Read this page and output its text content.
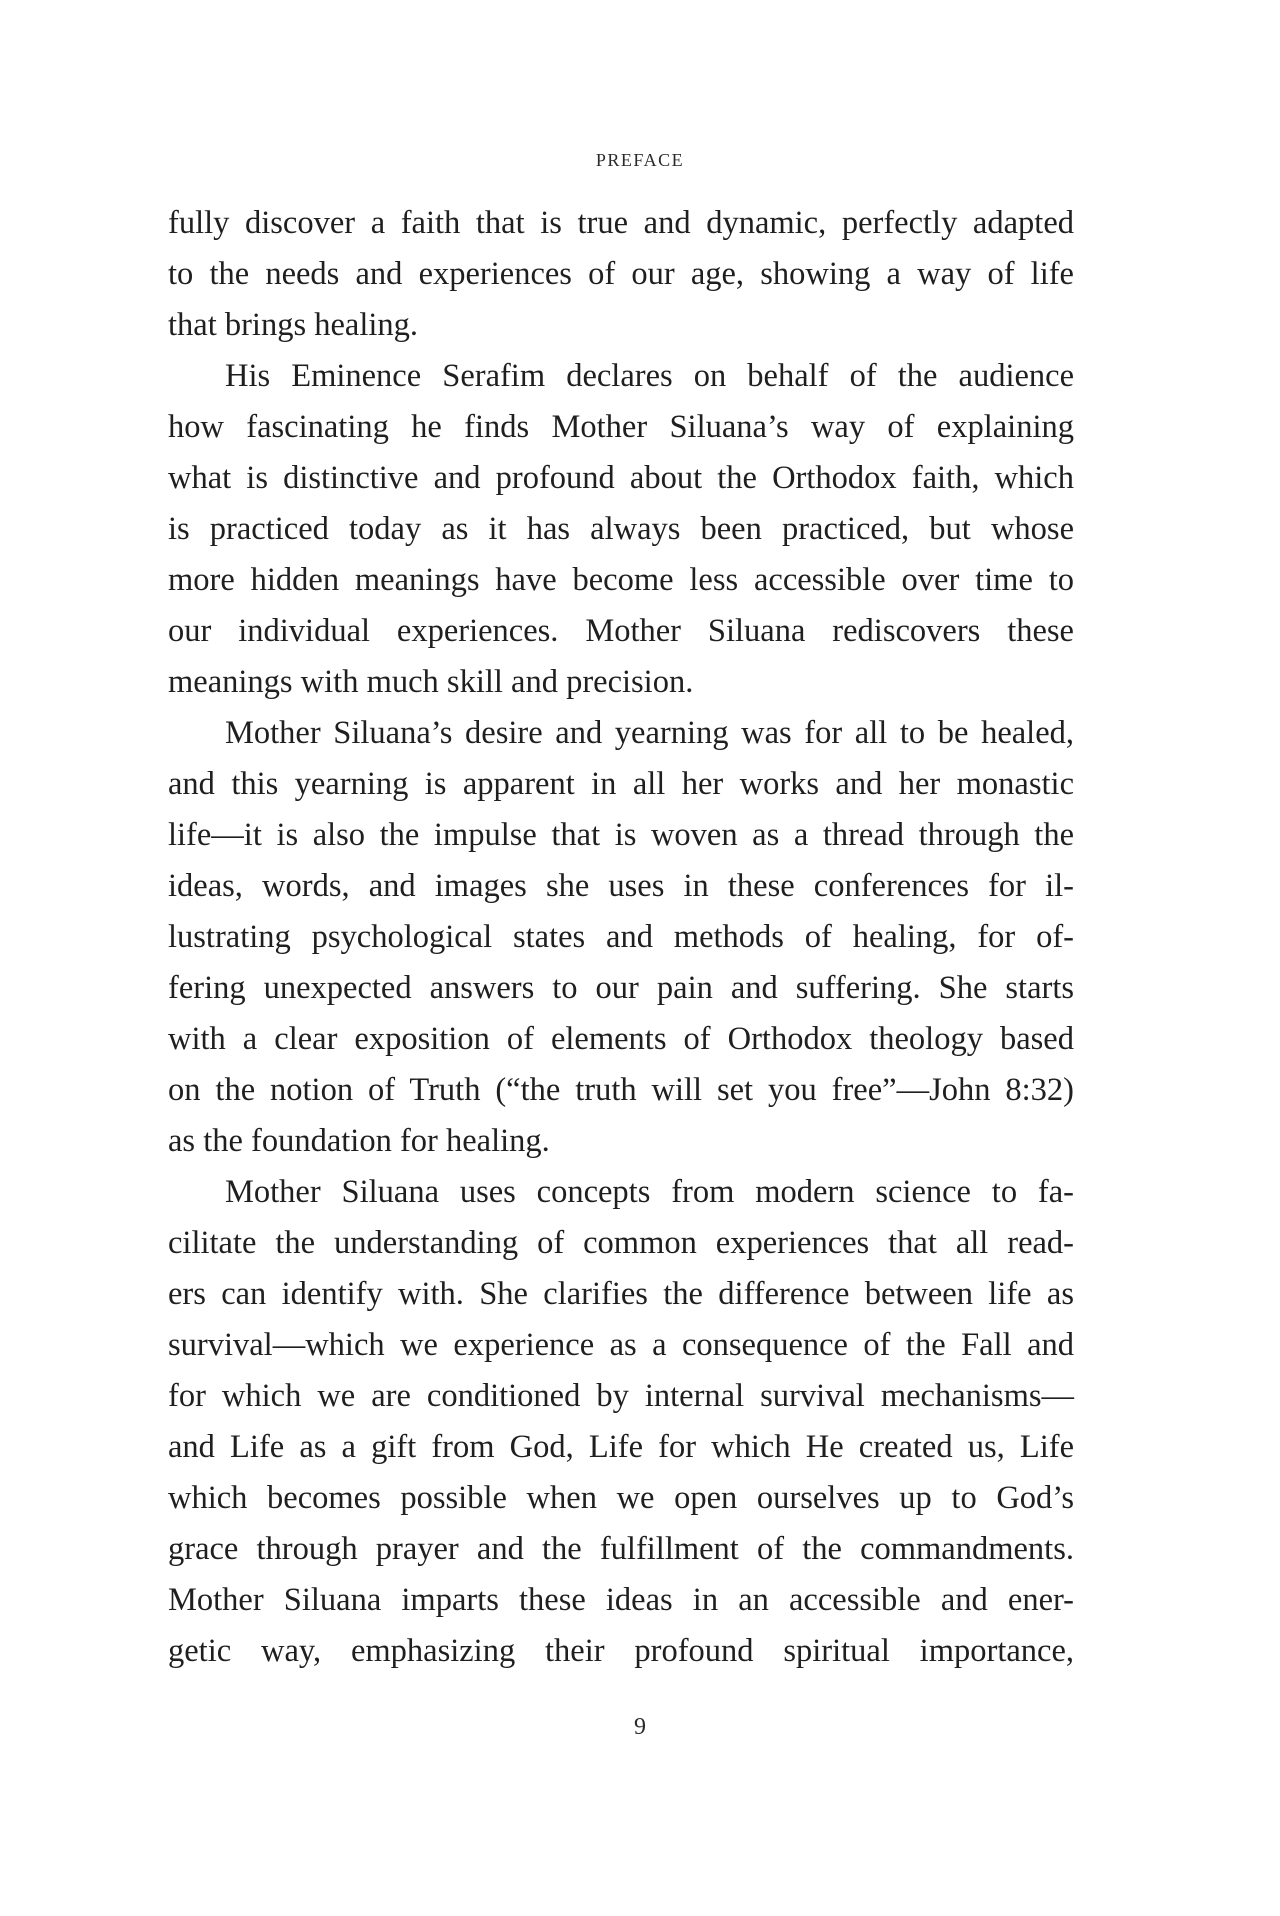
PREFACE
fully discover a faith that is true and dynamic, perfectly adapted
to the needs and experiences of our age, showing a way of life
that brings healing.
His Eminence Serafim declares on behalf of the audience
how fascinating he finds Mother Siluana’s way of explaining
what is distinctive and profound about the Orthodox faith, which
is practiced today as it has always been practiced, but whose
more hidden meanings have become less accessible over time to
our individual experiences. Mother Siluana rediscovers these
meanings with much skill and precision.
Mother Siluana’s desire and yearning was for all to be healed,
and this yearning is apparent in all her works and her monastic
life—it is also the impulse that is woven as a thread through the
ideas, words, and images she uses in these conferences for il-
lustrating psychological states and methods of healing, for of-
fering unexpected answers to our pain and suffering. She starts
with a clear exposition of elements of Orthodox theology based
on the notion of Truth (“the truth will set you free”—John 8:32)
as the foundation for healing.
Mother Siluana uses concepts from modern science to fa-
cilitate the understanding of common experiences that all read-
ers can identify with. She clarifies the difference between life as
survival—which we experience as a consequence of the Fall and
for which we are conditioned by internal survival mechanisms—
and Life as a gift from God, Life for which He created us, Life
which becomes possible when we open ourselves up to God’s
grace through prayer and the fulfillment of the commandments.
Mother Siluana imparts these ideas in an accessible and ener-
getic way, emphasizing their profound spiritual importance,
9
